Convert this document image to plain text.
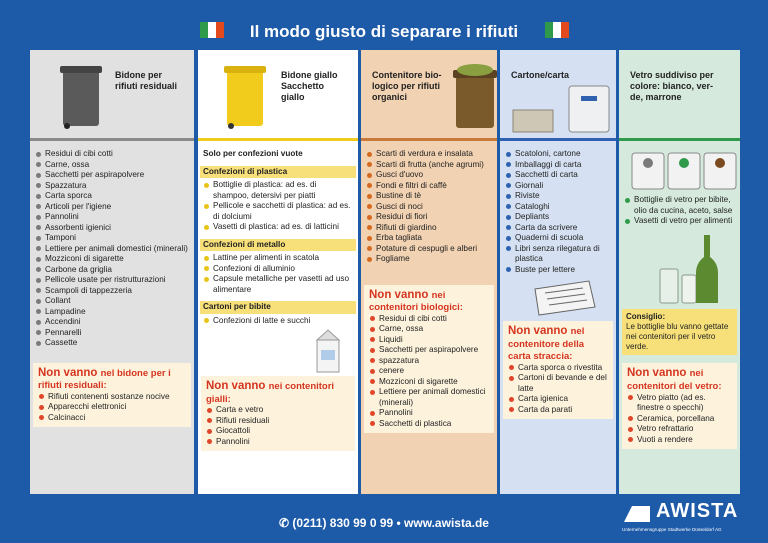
Il modo giusto di separare i rifiuti
Bidone per
rifiuti residuali
Residui di cibi cotti
Carne, ossa
Sacchetti per aspirapolvere
Spazzatura
Carta sporca
Articoli per l'igiene
Pannolini
Assorbenti igienici
Tamponi
Lettiere per animali domestici (minerali)
Mozziconi di sigarette
Carbone da griglia
Pellicole usate per ristrutturazioni
Scampoli di tappezzeria
Collant
Lampadine
Accendini
Pennarelli
Cassette
Non vanno nel bidone per i rifiuti residuali:
Rifiuti contenenti sostanze nocive
Apparecchi elettronici
Calcinacci
Bidone giallo
Sacchetto
giallo
Solo per confezioni vuote
Confezioni di plastica
Bottiglie di plastica: ad es. di shampoo, detersivi per piatti
Pellicole e sacchetti di plastica: ad es. di dolciumi
Vasetti di plastica: ad es. di latticini
Confezioni di metallo
Lattine per alimenti in scatola
Confezioni di alluminio
Capsule metalliche per vasetti ad uso alimentare
Cartoni per bibite
Confezioni di latte e succhi
Non vanno nei contenitori gialli:
Carta e vetro
Rifiuti residuali
Giocattoli
Pannolini
Contenitore bio-
logico per rifiuti
organici
Scarti di verdura e insalata
Scarti di frutta (anche agrumi)
Gusci d'uovo
Fondi e filtri di caffè
Bustine di tè
Gusci di noci
Residui di fiori
Rifiuti di giardino
Erba tagliata
Potature di cespugli e alberi
Fogliame
Non vanno nei contenitori biologici:
Residui di cibi cotti
Carne, ossa
Liquidi
Sacchetti per aspirapolvere
spazzatura
cenere
Mozziconi di sigarette
Lettiere per animali domestici (minerali)
Pannolini
Sacchetti di plastica
Cartone/carta
Scatoloni, cartone
Imballaggi di carta
Sacchetti di carta
Giornali
Riviste
Cataloghi
Depliants
Carta da scrivere
Quaderni di scuola
Libri senza rilegatura di plastica
Buste per lettere
Non vanno nel contenitore della carta straccia:
Carta sporca o rivestita
Cartoni di bevande e del latte
Carta igienica
Carta da parati
Vetro suddiviso per
colore: bianco, ver-
de, marrone
Bottiglie di vetro per bibite, olio da cucina, aceto, salse
Vasetti di vetro per alimenti
Consiglio:
Le bottiglie blu vanno gettate nei contenitori per il vetro verde.
Non vanno nei contenitori del vetro:
Vetro piatto (ad es. finestre o specchi)
Ceramica, porcellana
Vetro refrattario
Vuoti a rendere
✆ (0211) 830 99 0 99 • www.awista.de
AWISTA
Unternehmensgruppe Stadtwerke Düsseldorf AG
